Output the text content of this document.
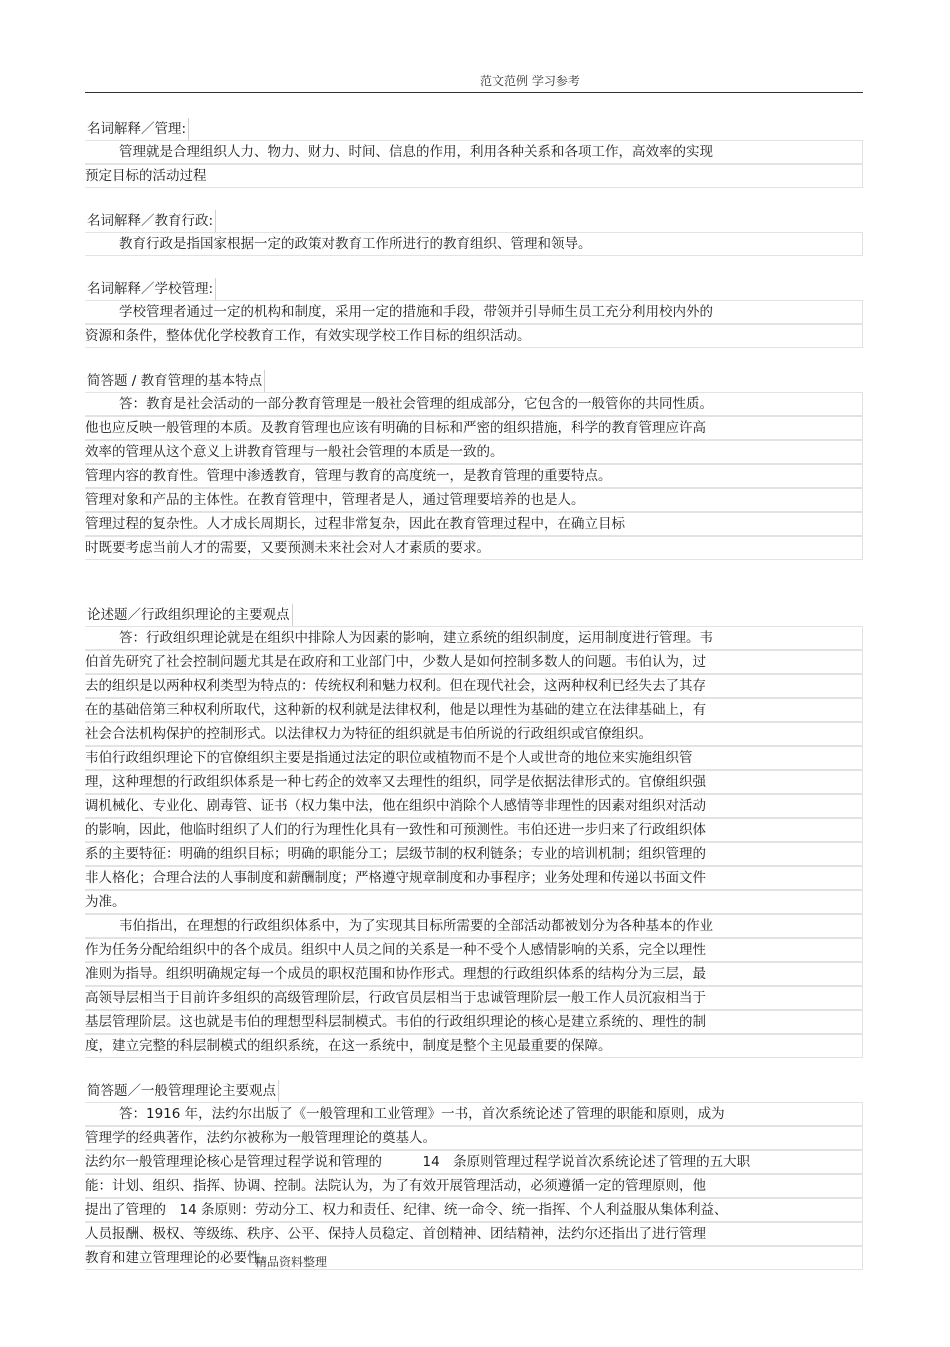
范文范例 学习参考
名词解释／管理:
管理就是合理组织人力、物力、财力、时间、信息的作用，利用各种关系和各项工作，高效率的实现
预定目标的活动过程
名词解释／教育行政:
教育行政是指国家根据一定的政策对教育工作所进行的教育组织、管理和领导。
名词解释／学校管理:
学校管理者通过一定的机构和制度，采用一定的措施和手段，带领并引导师生员工充分利用校内外的
资源和条件，整体优化学校教育工作，有效实现学校工作目标的组织活动。
简答题 / 教育管理的基本特点
答：教育是社会活动的一部分教育管理是一般社会管理的组成部分，它包含的一般管你的共同性质。
他也应反映一般管理的本质。及教育管理也应该有明确的目标和严密的组织措施，科学的教育管理应许高
效率的管理从这个意义上讲教育管理与一般社会管理的本质是一致的。
管理内容的教育性。管理中渗透教育，管理与教育的高度统一，是教育管理的重要特点。
管理对象和产品的主体性。在教育管理中，管理者是人，通过管理要培养的也是人。
管理过程的复杂性。人才成长周期长，过程非常复杂，因此在教育管理过程中，在确立目标
时既要考虑当前人才的需要，又要预测未来社会对人才素质的要求。
论述题／行政组织理论的主要观点
答：行政组织理论就是在组织中排除人为因素的影响，建立系统的组织制度，运用制度进行管理。韦
伯首先研究了社会控制问题尤其是在政府和工业部门中，少数人是如何控制多数人的问题。韦伯认为，过
去的组织是以两种权利类型为特点的：传统权利和魅力权利。但在现代社会，这两种权利已经失去了其存
在的基础倍第三种权利所取代，这种新的权利就是法律权利，他是以理性为基础的建立在法律基础上，有
社会合法机构保护的控制形式。以法律权力为特征的组织就是韦伯所说的行政组织或官僚组织。
韦伯行政组织理论下的官僚组织主要是指通过法定的职位或植物而不是个人或世奇的地位来实施组织管
理，这种理想的行政组织体系是一种七药企的效率又去理性的组织，同学是依据法律形式的。官僚组织强
调机械化、专业化、剧毒管、证书（权力集中法，他在组织中消除个人感情等非理性的因素对组织对活动
的影响，因此，他临时组织了人们的行为理性化具有一致性和可预测性。韦伯还进一步归来了行政组织体
系的主要特征：明确的组织目标；明确的职能分工；层级节制的权利链条；专业的培训机制；组织管理的
非人格化；合理合法的人事制度和薪酬制度；严格遵守规章制度和办事程序；业务处理和传递以书面文件
为准。
韦伯指出，在理想的行政组织体系中，为了实现其目标所需要的全部活动都被划分为各种基本的作业
作为任务分配给组织中的各个成员。组织中人员之间的关系是一种不受个人感情影响的关系，完全以理性
准则为指导。组织明确规定每一个成员的职权范围和协作形式。理想的行政组织体系的结构分为三层，最
高领导层相当于目前许多组织的高级管理阶层，行政官员层相当于忠诚管理阶层一般工作人员沉寂相当于
基层管理阶层。这也就是韦伯的理想型科层制模式。韦伯的行政组织理论的核心是建立系统的、理性的制
度，建立完整的科层制模式的组织系统，在这一系统中，制度是整个主见最重要的保障。
简答题／一般管理理论主要观点
答：1916 年，法约尔出版了《一般管理和工业管理》一书，首次系统论述了管理的职能和原则，成为
管理学的经典著作，法约尔被称为一般管理理论的奠基人。
法约尔一般管理理论核心是管理过程学说和管理的　　　14　条原则管理过程学说首次系统论述了管理的五大职
能：计划、组织、指挥、协调、控制。法院认为，为了有效开展管理活动，必须遵循一定的管理原则，他
提出了管理的　14 条原则：劳动分工、权力和责任、纪律、统一命令、统一指挥、个人利益服从集体利益、
人员报酬、极权、等级练、秩序、公平、保持人员稳定、首创精神、团结精神，法约尔还指出了进行管理
教育和建立管理理论的必要性。
精品资料整理
